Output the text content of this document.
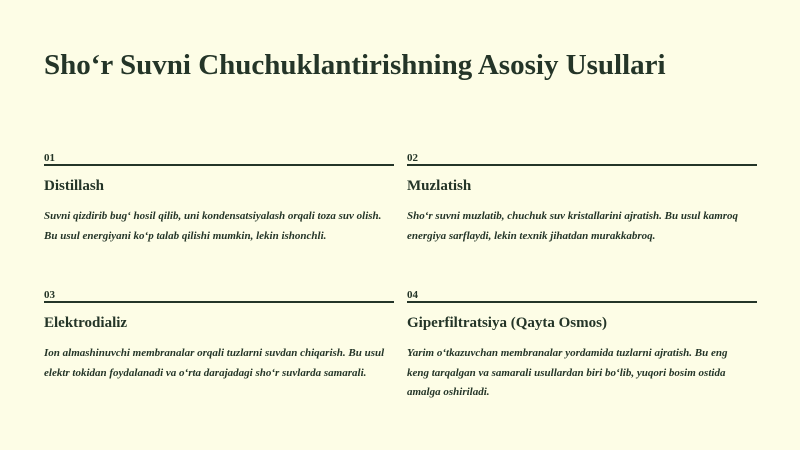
Sho‘r Suvni Chuchuklantirishning Asosiy Usullari
01
Distillash

Suvni qizdirib bug‘ hosil qilib, uni kondensatsiyalash orqali toza suv olish. Bu usul energiyani ko‘p talab qilishi mumkin, lekin ishonchli.

02
Muzlatish

Sho‘r suvni muzlatib, chuchuk suv kristallarini ajratish. Bu usul kamroq energiya sarflaydi, lekin texnik jihatdan murakkabroq.

03
Elektrodializ

Ion almashinuvchi membranalar orqali tuzlarni suvdan chiqarish. Bu usul elektr tokidan foydalanadi va o‘rta darajadagi sho‘r suvlarda samarali.

04
Giperfiltratsiya (Qayta Osmos)

Yarim o‘tkazuvchan membranalar yordamida tuzlarni ajratish. Bu eng keng tarqalgan va samarali usullardan biri bo‘lib, yuqori bosim ostida amalga oshiriladi.
